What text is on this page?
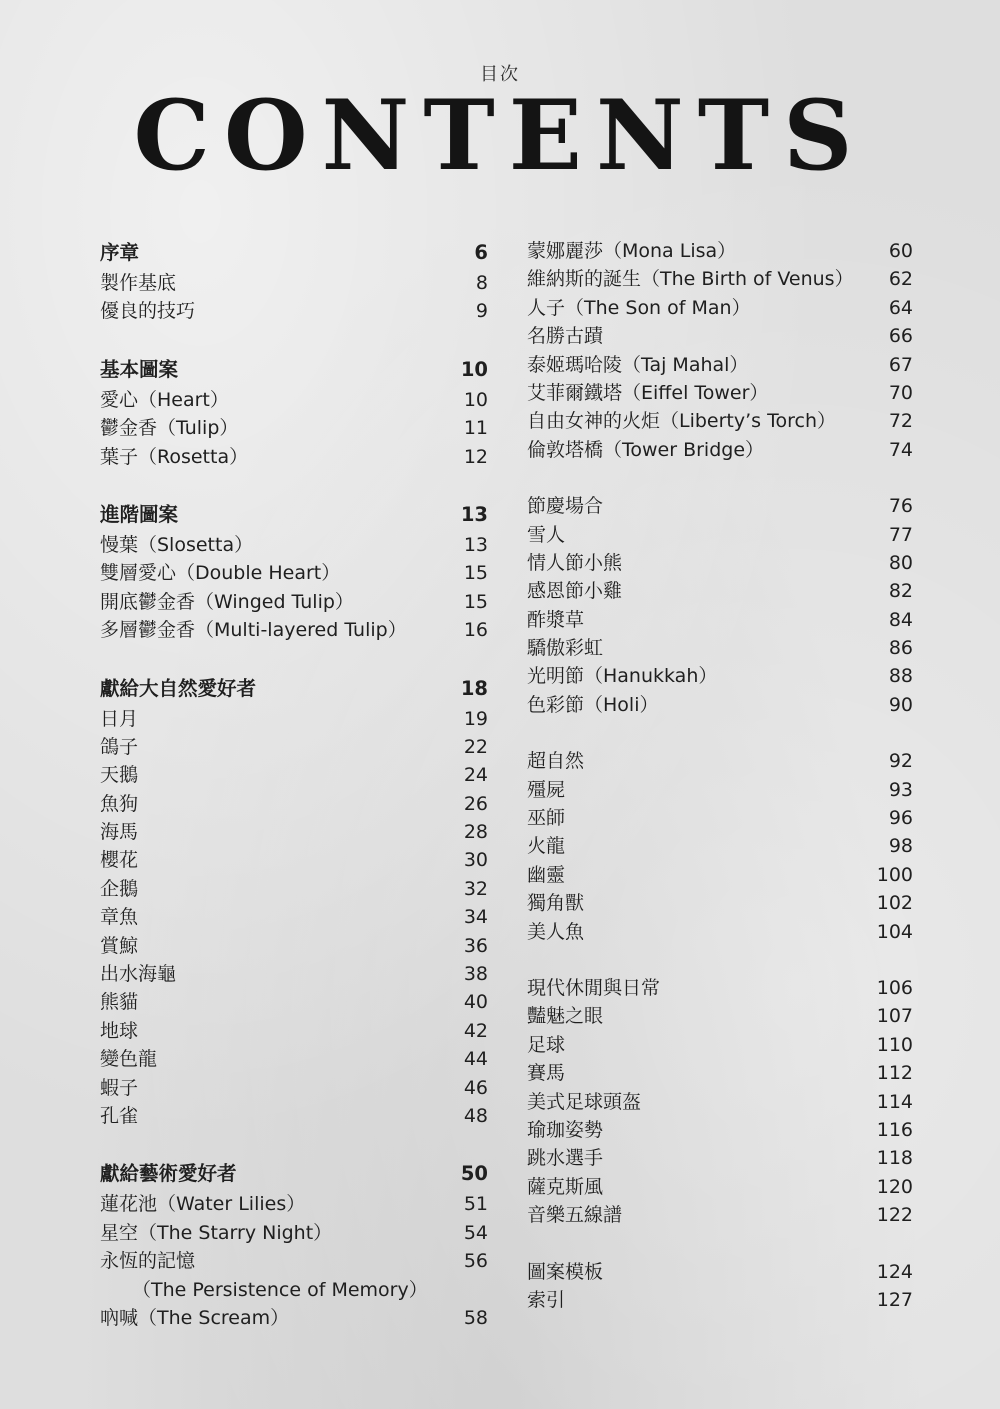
目次
CONTENTS
序章	6
製作基底	8
優良的技巧	9
基本圖案	10
愛心（Heart）	10
鬱金香（Tulip）	11
葉子（Rosetta）	12
進階圖案	13
慢葉（Slosetta）	13
雙層愛心（Double Heart）	15
開底鬱金香（Winged Tulip）	15
多層鬱金香（Multi-layered Tulip）	16
獻給大自然愛好者	18
日月	19
鴿子	22
天鵝	24
魚狗	26
海馬	28
櫻花	30
企鵝	32
章魚	34
賞鯨	36
出水海龜	38
熊貓	40
地球	42
變色龍	44
蝦子	46
孔雀	48
獻給藝術愛好者	50
蓮花池（Water Lilies）	51
星空（The Starry Night）	54
永恆的記憶	56
（The Persistence of Memory）
吶喊（The Scream）	58
蒙娜麗莎（Mona Lisa）	60
維納斯的誕生（The Birth of Venus） 62
人子（The Son of Man）	64
名勝古蹟	66
泰姬瑪哈陵（Taj Mahal）	67
艾菲爾鐵塔（Eiffel Tower）	70
自由女神的火炬（Liberty’s Torch）	72
倫敦塔橋（Tower Bridge）	74
節慶場合	76
雪人	77
情人節小熊	80
感恩節小雞	82
酢漿草	84
驕傲彩虹	86
光明節（Hanukkah）	88
色彩節（Holi）	90
超自然	92
殭屍	93
巫師	96
火龍	98
幽靈	100
獨角獸	102
美人魚	104
現代休閒與日常	106
豔魅之眼	107
足球	110
賽馬	112
美式足球頭盔	114
瑜珈姿勢	116
跳水選手	118
薩克斯風	120
音樂五線譜	122
圖案模板	124
索引	127
